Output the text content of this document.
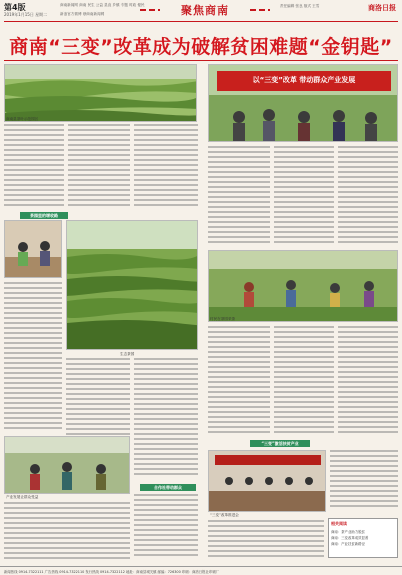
第4版
2019年1月15日 星期二
商南新闻网 商南 民生 公益 县直 乡镇 专题 时政 便民
新浪官方微博 @商南新闻网	聚焦商南	责任编辑 张良 版式 王雪	商洛日报
商南“三变”改革成为破解贫困难题“金钥匙”
商南县茶叶示范园区
以“三变”改革 带动群众产业发展
茶园里的增收路
村民在茶园采茶
生态茶园
“三变”激活扶贫产业
“三变”改革推进会
产业发展让群众受益
合作社带动群众
相关阅读
商南：茶产业助力脱贫
商南：三变改革成效显著
商南：产业扶贫新路径
新闻热线 0914-7322111 广告热线 0914-7322110 发行热线 0914-7322112 地址：商南县城关镇 邮编：726300 印刷：商洛日报社印刷厂
